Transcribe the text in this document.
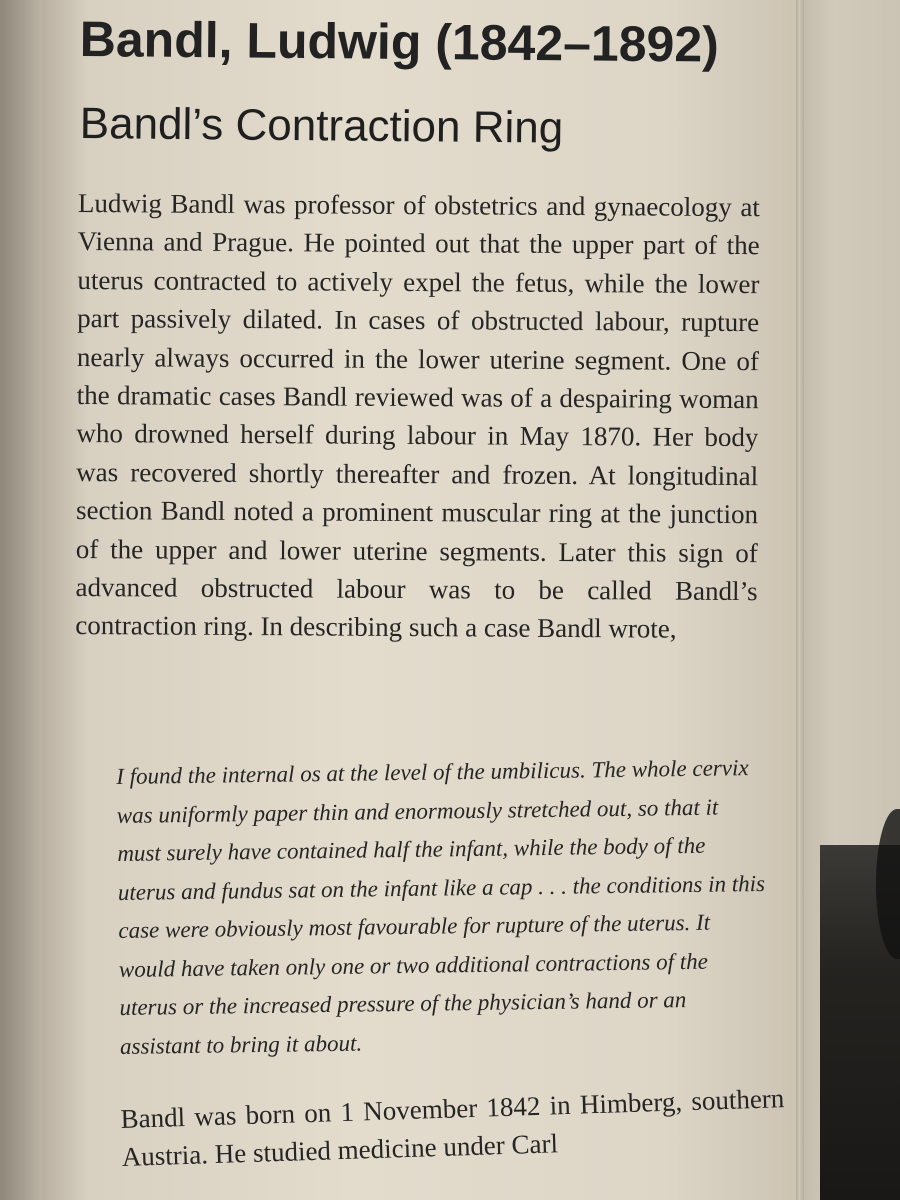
Bandl, Ludwig (1842–1892)
Bandl’s Contraction Ring

Ludwig Bandl was professor of obstetrics and gynaecology at Vienna and Prague. He pointed out that the upper part of the uterus contracted to actively expel the fetus, while the lower part passively dilated. In cases of obstructed labour, rupture nearly always occurred in the lower uterine segment. One of the dramatic cases Bandl reviewed was of a despairing woman who drowned herself during labour in May 1870. Her body was recovered shortly thereafter and frozen. At longitudinal section Bandl noted a prominent muscular ring at the junction of the upper and lower uterine segments. Later this sign of advanced obstructed labour was to be called Bandl’s contraction ring. In describing such a case Bandl wrote,

I found the internal os at the level of the umbilicus. The whole cervix was uniformly paper thin and enormously stretched out, so that it must surely have contained half the infant, while the body of the uterus and fundus sat on the infant like a cap . . . the conditions in this case were obviously most favourable for rupture of the uterus. It would have taken only one or two additional contractions of the uterus or the increased pressure of the physician’s hand or an assistant to bring it about.

Bandl was born on 1 November 1842 in Himberg, southern Austria. He studied medicine under Carl
